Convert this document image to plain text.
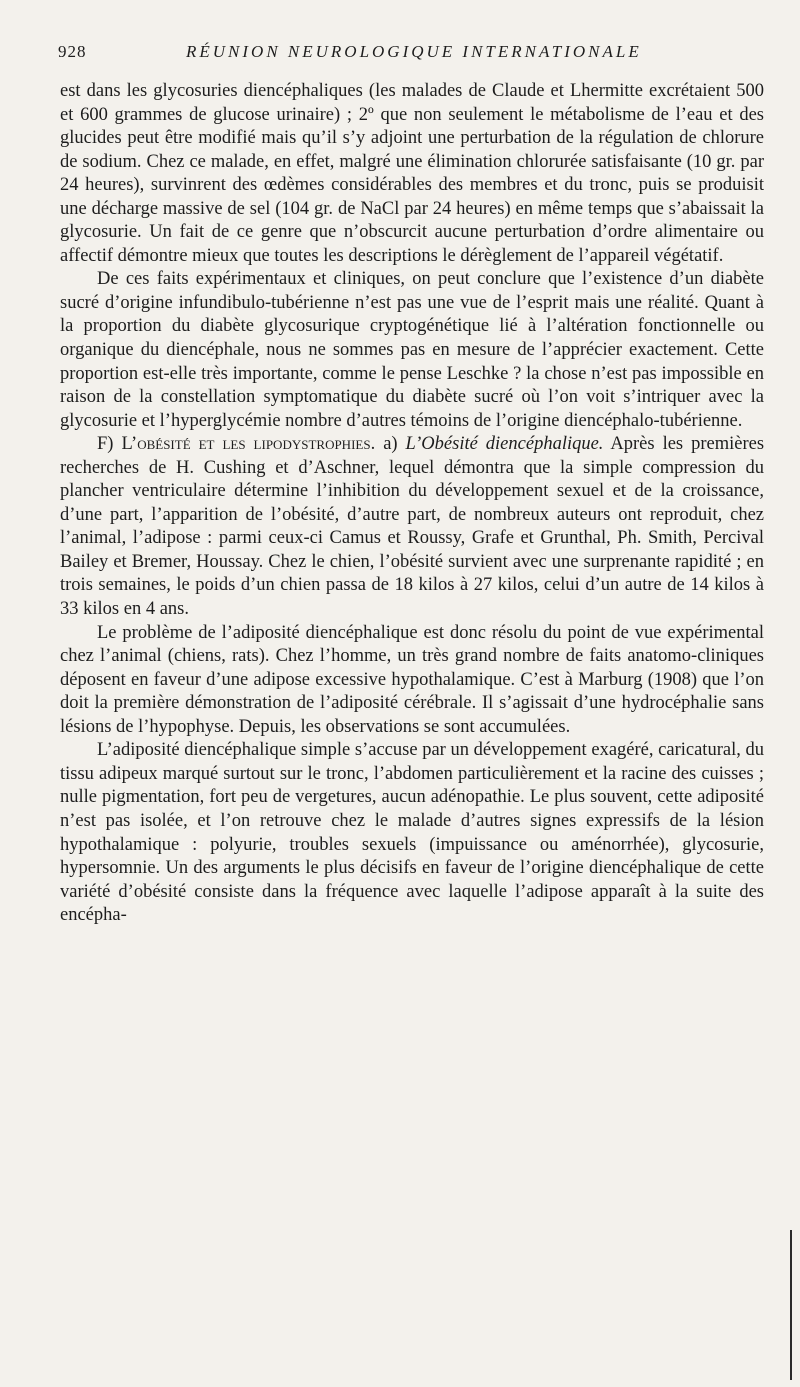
928	RÉUNION NEUROLOGIQUE INTERNATIONALE

est dans les glycosuries diencéphaliques (les malades de Claude et Lhermitte excrétaient 500 et 600 grammes de glucose urinaire) ; 2º que non seulement le métabolisme de l’eau et des glucides peut être modifié mais qu’il s’y adjoint une perturbation de la régulation de chlorure de sodium. Chez ce malade, en effet, malgré une élimination chlorurée satisfaisante (10 gr. par 24 heures), survinrent des œdèmes considérables des membres et du tronc, puis se produisit une décharge massive de sel (104 gr. de NaCl par 24 heures) en même temps que s’abaissait la glycosurie. Un fait de ce genre que n’obscurcit aucune perturbation d’ordre alimentaire ou affectif démontre mieux que toutes les descriptions le dérèglement de l’appareil végétatif.

De ces faits expérimentaux et cliniques, on peut conclure que l’existence d’un diabète sucré d’origine infundibulo-tubérienne n’est pas une vue de l’esprit mais une réalité. Quant à la proportion du diabète glycosurique cryptogénétique lié à l’altération fonctionnelle ou organique du diencéphale, nous ne sommes pas en mesure de l’apprécier exactement. Cette proportion est-elle très importante, comme le pense Leschke ? la chose n’est pas impossible en raison de la constellation symptomatique du diabète sucré où l’on voit s’intriquer avec la glycosurie et l’hyperglycémie nombre d’autres témoins de l’origine diencéphalo-tubérienne.

F) L’obésité et les lipodystrophies. a) L’Obésité diencéphalique. Après les premières recherches de H. Cushing et d’Aschner, lequel démontra que la simple compression du plancher ventriculaire détermine l’inhibition du développement sexuel et de la croissance, d’une part, l’apparition de l’obésité, d’autre part, de nombreux auteurs ont reproduit, chez l’animal, l’adipose : parmi ceux-ci Camus et Roussy, Grafe et Grunthal, Ph. Smith, Percival Bailey et Bremer, Houssay. Chez le chien, l’obésité survient avec une surprenante rapidité ; en trois semaines, le poids d’un chien passa de 18 kilos à 27 kilos, celui d’un autre de 14 kilos à 33 kilos en 4 ans.

Le problème de l’adiposité diencéphalique est donc résolu du point de vue expérimental chez l’animal (chiens, rats). Chez l’homme, un très grand nombre de faits anatomo-cliniques déposent en faveur d’une adipose excessive hypothalamique. C’est à Marburg (1908) que l’on doit la première démonstration de l’adiposité cérébrale. Il s’agissait d’une hydrocéphalie sans lésions de l’hypophyse. Depuis, les observations se sont accumulées.

L’adiposité diencéphalique simple s’accuse par un développement exagéré, caricatural, du tissu adipeux marqué surtout sur le tronc, l’abdomen particulièrement et la racine des cuisses ; nulle pigmentation, fort peu de vergetures, aucun adénopathie. Le plus souvent, cette adiposité n’est pas isolée, et l’on retrouve chez le malade d’autres signes expressifs de la lésion hypothalamique : polyurie, troubles sexuels (impuissance ou aménorrhée), glycosurie, hypersomnie. Un des arguments le plus décisifs en faveur de l’origine diencéphalique de cette variété d’obésité consiste dans la fréquence avec laquelle l’adipose apparaît à la suite des encépha-
